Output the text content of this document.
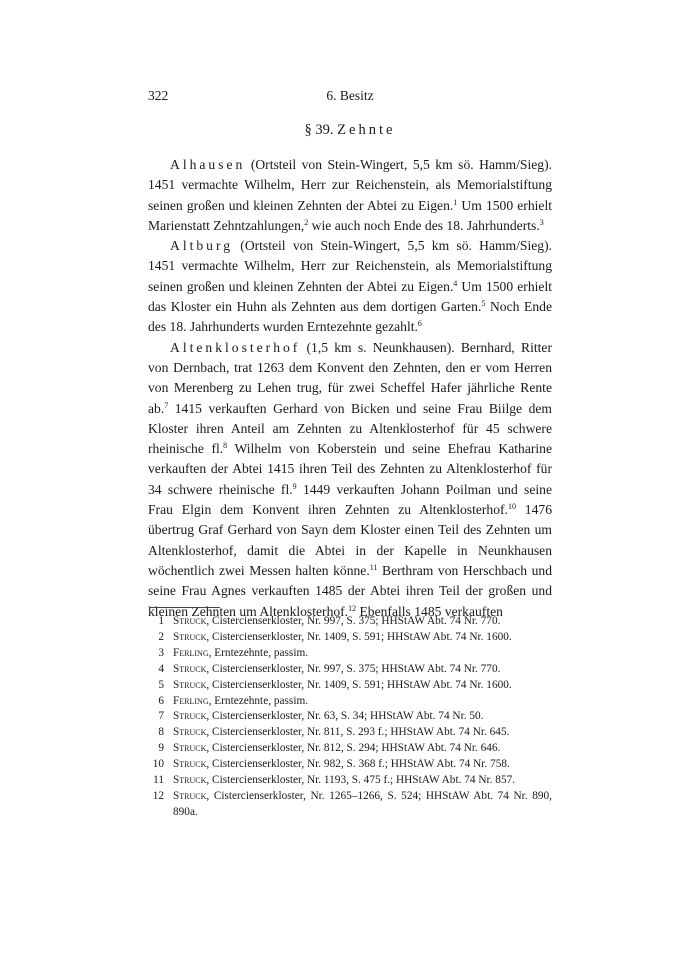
322	6. Besitz
§ 39. Zehnte

Alhausen (Ortsteil von Stein-Wingert, 5,5 km sö. Hamm/Sieg). 1451 vermachte Wilhelm, Herr zur Reichenstein, als Memorialstiftung seinen großen und kleinen Zehnten der Abtei zu Eigen.$^1$ Um 1500 erhielt Marienstatt Zehntzahlungen,$^2$ wie auch noch Ende des 18. Jahrhunderts.$^3$

Altburg (Ortsteil von Stein-Wingert, 5,5 km sö. Hamm/Sieg). 1451 vermachte Wilhelm, Herr zur Reichenstein, als Memorialstiftung seinen großen und kleinen Zehnten der Abtei zu Eigen.$^4$ Um 1500 erhielt das Kloster ein Huhn als Zehnten aus dem dortigen Garten.$^5$ Noch Ende des 18. Jahrhunderts wurden Erntezehnte gezahlt.$^6$

Altenklosterhof (1,5 km s. Neunkhausen). Bernhard, Ritter von Dernbach, trat 1263 dem Konvent den Zehnten, den er vom Herren von Merenberg zu Lehen trug, für zwei Scheffel Hafer jährliche Rente ab.$^7$ 1415 verkauften Gerhard von Bicken und seine Frau Biilge dem Kloster ihren Anteil am Zehnten zu Altenklosterhof für 45 schwere rheinische fl.$^8$ Wilhelm von Koberstein und seine Ehefrau Katharine verkauften der Abtei 1415 ihren Teil des Zehnten zu Altenklosterhof für 34 schwere rheinische fl.$^9$ 1449 verkauften Johann Poilman und seine Frau Elgin dem Konvent ihren Zehnten zu Altenklosterhof.$^{10}$ 1476 übertrug Graf Gerhard von Sayn dem Kloster einen Teil des Zehnten um Altenklosterhof, damit die Abtei in der Kapelle in Neunkhausen wöchentlich zwei Messen halten könne.$^{11}$ Berthram von Herschbach und seine Frau Agnes verkauften 1485 der Abtei ihren Teil der großen und kleinen Zehnten um Altenklosterhof.$^{12}$ Ebenfalls 1485 verkauften

1 Struck, Cistercienserkloster, Nr. 997, S. 375; HHStAW Abt. 74 Nr. 770.
2 Struck, Cistercienserkloster, Nr. 1409, S. 591; HHStAW Abt. 74 Nr. 1600.
3 Ferling, Erntezehnte, passim.
4 Struck, Cistercienserkloster, Nr. 997, S. 375; HHStAW Abt. 74 Nr. 770.
5 Struck, Cistercienserkloster, Nr. 1409, S. 591; HHStAW Abt. 74 Nr. 1600.
6 Ferling, Erntezehnte, passim.
7 Struck, Cistercienserkloster, Nr. 63, S. 34; HHStAW Abt. 74 Nr. 50.
8 Struck, Cistercienserkloster, Nr. 811, S. 293 f.; HHStAW Abt. 74 Nr. 645.
9 Struck, Cistercienserkloster, Nr. 812, S. 294; HHStAW Abt. 74 Nr. 646.
10 Struck, Cistercienserkloster, Nr. 982, S. 368 f.; HHStAW Abt. 74 Nr. 758.
11 Struck, Cistercienserkloster, Nr. 1193, S. 475 f.; HHStAW Abt. 74 Nr. 857.
12 Struck, Cistercienserkloster, Nr. 1265–1266, S. 524; HHStAW Abt. 74 Nr. 890, 890a.
